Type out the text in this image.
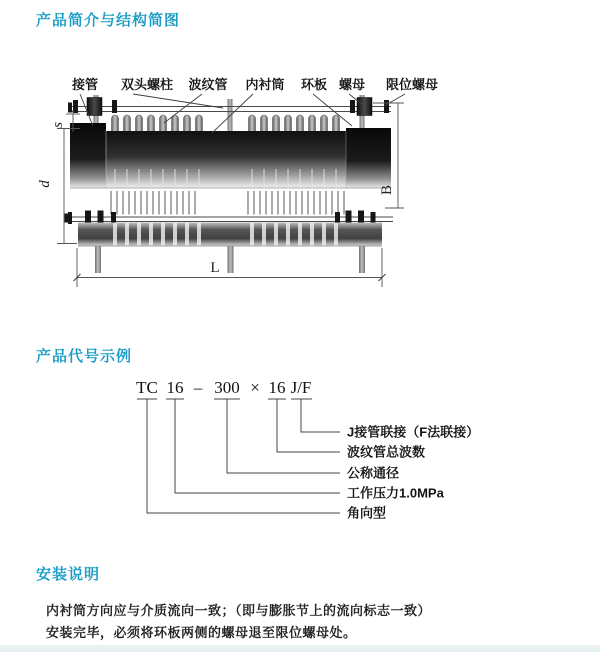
产品简介与结构简图
s
d
B
L
接管 双头螺柱 波纹管 内衬筒 环板 螺母 限位螺母
产品代号示例
TC 16 – 300 × 16 J/F
J接管联接（F法联接）
波纹管总波数
公称通径
工作压力1.0MPa
角向型
安装说明
内衬筒方向应与介质流向一致；（即与膨胀节上的流向标志一致）
安装完毕，必须将环板两侧的螺母退至限位螺母处。
